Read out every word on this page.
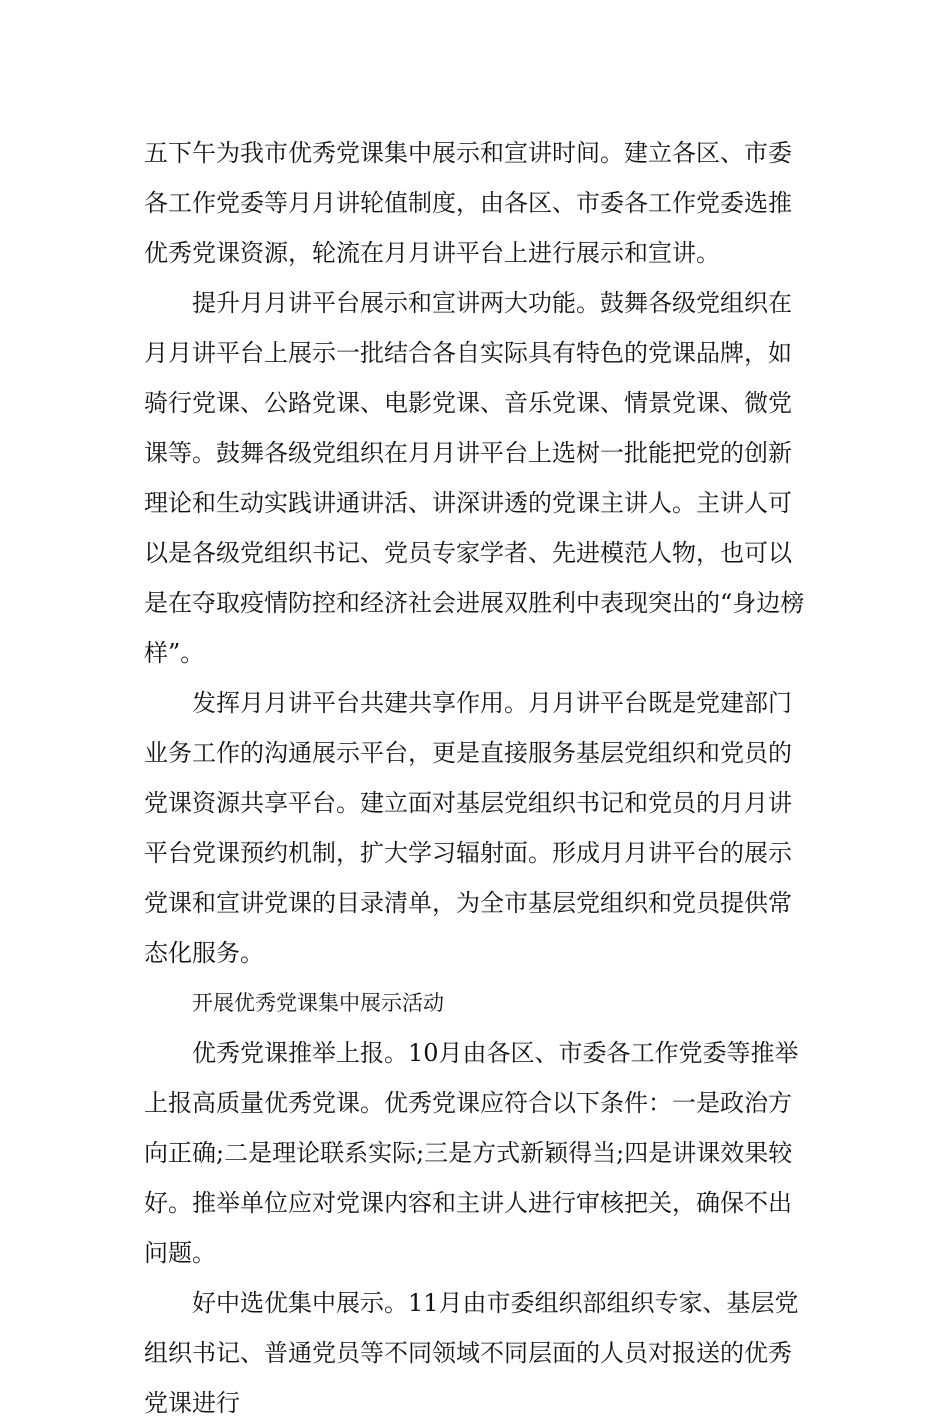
五下午为我市优秀党课集中展示和宣讲时间。建立各区、市委各工作党委等月月讲轮值制度，由各区、市委各工作党委选推优秀党课资源，轮流在月月讲平台上进行展示和宣讲。

提升月月讲平台展示和宣讲两大功能。鼓舞各级党组织在月月讲平台上展示一批结合各自实际具有特色的党课品牌，如骑行党课、公路党课、电影党课、音乐党课、情景党课、微党课等。鼓舞各级党组织在月月讲平台上选树一批能把党的创新理论和生动实践讲通讲活、讲深讲透的党课主讲人。主讲人可以是各级党组织书记、党员专家学者、先进模范人物，也可以是在夺取疫情防控和经济社会进展双胜利中表现突出的“身边榜样”。

发挥月月讲平台共建共享作用。月月讲平台既是党建部门业务工作的沟通展示平台，更是直接服务基层党组织和党员的党课资源共享平台。建立面对基层党组织书记和党员的月月讲平台党课预约机制，扩大学习辐射面。形成月月讲平台的展示党课和宣讲党课的目录清单，为全市基层党组织和党员提供常态化服务。

开展优秀党课集中展示活动

优秀党课推举上报。10月由各区、市委各工作党委等推举上报高质量优秀党课。优秀党课应符合以下条件：一是政治方向正确;二是理论联系实际;三是方式新颖得当;四是讲课效果较好。推举单位应对党课内容和主讲人进行审核把关，确保不出问题。

好中选优集中展示。11月由市委组织部组织专家、基层党组织书记、普通党员等不同领域不同层面的人员对报送的优秀党课进行
